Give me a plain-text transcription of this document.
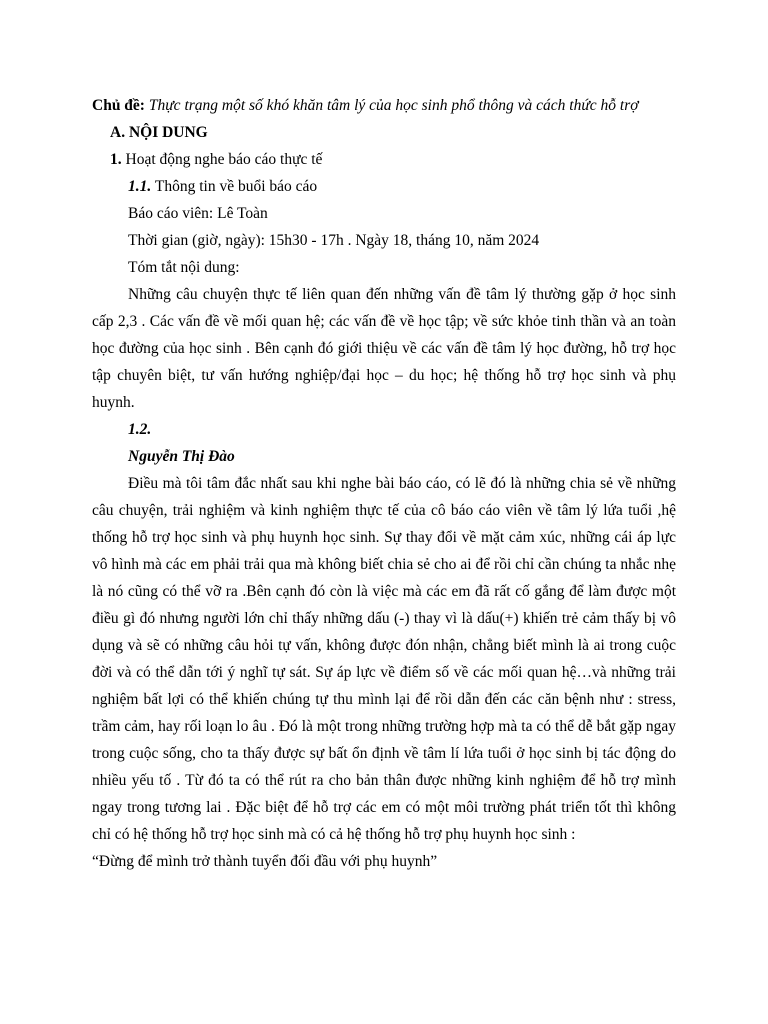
Chủ đề: Thực trạng một số khó khăn tâm lý của học sinh phổ thông và cách thức hỗ trợ

A. NỘI DUNG

1. Hoạt động nghe báo cáo thực tế

1.1. Thông tin về buổi báo cáo

Báo cáo viên: Lê Toàn

Thời gian (giờ, ngày): 15h30 - 17h . Ngày 18, tháng 10, năm 2024

Tóm tắt nội dung:

Những câu chuyện thực tế liên quan đến những vấn đề tâm lý thường gặp ở học sinh cấp 2,3 . Các vấn đề về mối quan hệ; các vấn đề về học tập; về sức khỏe tinh thần và an toàn học đường của học sinh . Bên cạnh đó giới thiệu về các vấn đề tâm lý học đường, hỗ trợ học tập chuyên biệt, tư vấn hướng nghiệp/đại học – du học; hệ thống hỗ trợ học sinh và phụ huynh.

1.2.

Nguyễn Thị Đào

Điều mà tôi tâm đắc nhất sau khi nghe bài báo cáo, có lẽ đó là những chia sẻ về những câu chuyện, trải nghiệm và kinh nghiệm thực tế của cô báo cáo viên về tâm lý lứa tuổi ,hệ thống hỗ trợ học sinh và phụ huynh học sinh. Sự thay đổi về mặt cảm xúc, những cái áp lực vô hình mà các em phải trải qua mà không biết chia sẻ cho ai để rồi chỉ cần chúng ta nhắc nhẹ là nó cũng có thể vỡ ra .Bên cạnh đó còn là việc mà các em đã rất cố gắng để làm được một điều gì đó nhưng người lớn chỉ thấy những dấu (-) thay vì là dấu(+) khiến trẻ cảm thấy bị vô dụng và sẽ có những câu hỏi tự vấn, không được đón nhận, chẳng biết mình là ai trong cuộc đời và có thể dẫn tới ý nghĩ tự sát. Sự áp lực về điểm số về các mối quan hệ…và những trải nghiệm bất lợi có thể khiến chúng tự thu mình lại để rồi dẫn đến các căn bệnh như : stress, trầm cảm, hay rối loạn lo âu . Đó là một trong những trường hợp mà ta có thể dễ bắt gặp ngay trong cuộc sống, cho ta thấy được sự bất ổn định về tâm lí lứa tuổi ở học sinh bị tác động do nhiều yếu tố . Từ đó ta có thể rút ra cho bản thân được những kinh nghiệm để hỗ trợ mình ngay trong tương lai . Đặc biệt để hỗ trợ các em có một môi trường phát triển tốt thì không chỉ có hệ thống hỗ trợ học sinh mà có cả hệ thống hỗ trợ phụ huynh học sinh :

“Đừng để mình trở thành tuyển đối đầu với phụ huynh”
